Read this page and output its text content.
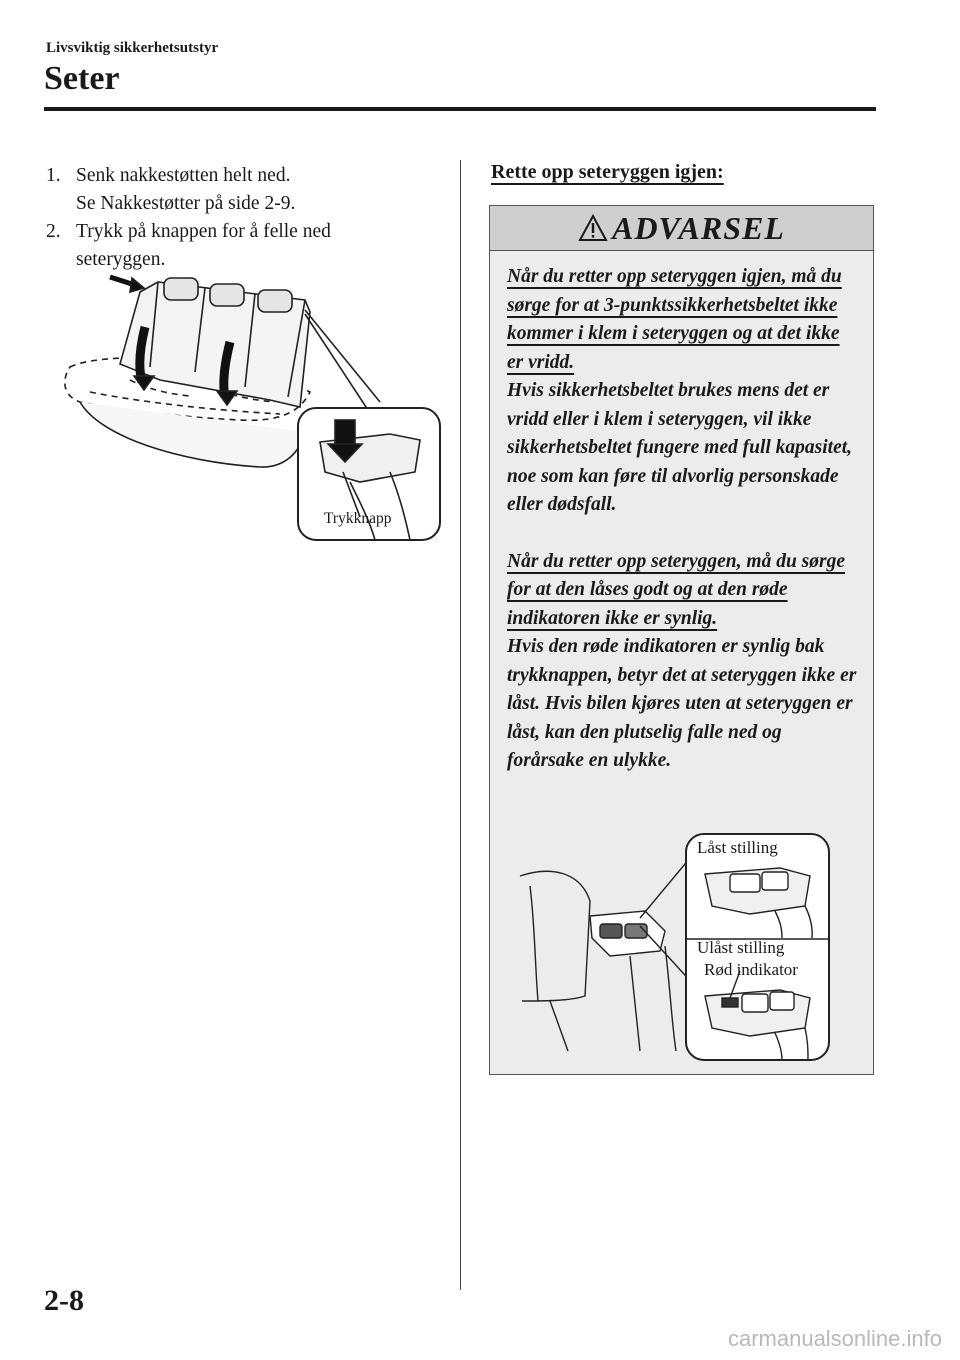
Livsviktig sikkerhetsutstyr
Seter
1. Senk nakkestøtten helt ned.
Se Nakkestøtter på side 2-9.
2. Trykk på knappen for å felle ned
seteryggen.
Trykknapp
Rette opp seteryggen igjen:
ADVARSEL

Når du retter opp seteryggen igjen, må du sørge for at 3-punktssikkerhetsbeltet ikke kommer i klem i seteryggen og at det ikke er vridd.
Hvis sikkerhetsbeltet brukes mens det er vridd eller i klem i seteryggen, vil ikke sikkerhetsbeltet fungere med full kapasitet, noe som kan føre til alvorlig personskade eller dødsfall.

Når du retter opp seteryggen, må du sørge for at den låses godt og at den røde indikatoren ikke er synlig.
Hvis den røde indikatoren er synlig bak trykknappen, betyr det at seteryggen ikke er låst. Hvis bilen kjøres uten at seteryggen er låst, kan den plutselig falle ned og forårsake en ulykke.

Låst stilling
Ulåst stilling
Rød indikator
2-8
carmanualsonline.info
